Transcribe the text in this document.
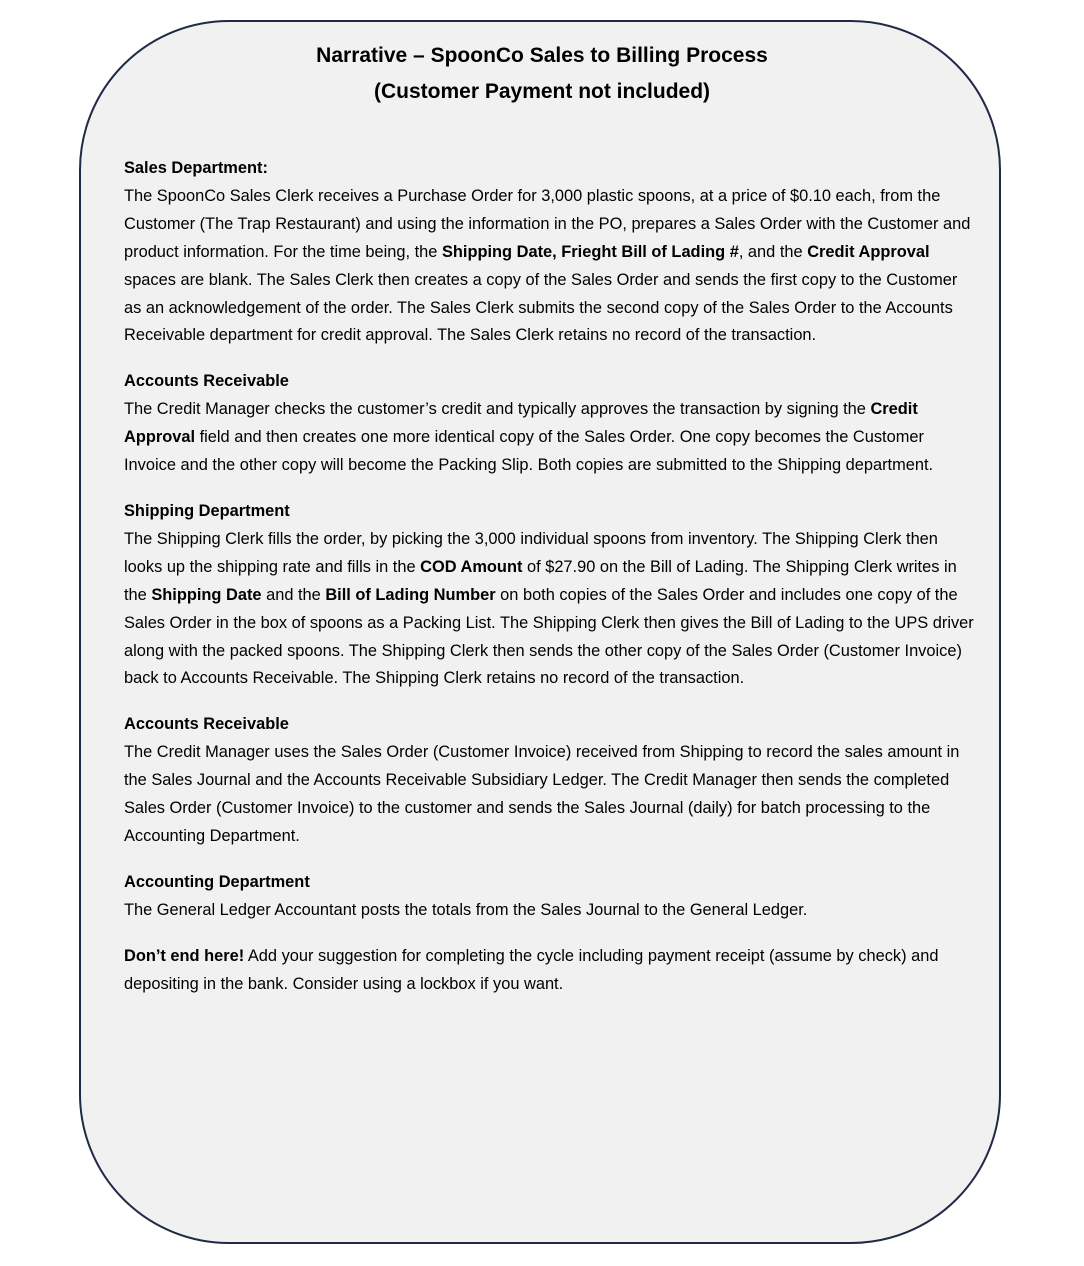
Narrative – SpoonCo Sales to Billing Process
(Customer Payment not included)
Sales Department:
The SpoonCo Sales Clerk receives a Purchase Order for 3,000 plastic spoons, at a price of $0.10 each, from the Customer (The Trap Restaurant) and using the information in the PO, prepares a Sales Order with the Customer and product information. For the time being, the Shipping Date, Frieght Bill of Lading #, and the Credit Approval spaces are blank. The Sales Clerk then creates a copy of the Sales Order and sends the first copy to the Customer as an acknowledgement of the order. The Sales Clerk submits the second copy of the Sales Order to the Accounts Receivable department for credit approval. The Sales Clerk retains no record of the transaction.
Accounts Receivable
The Credit Manager checks the customer’s credit and typically approves the transaction by signing the Credit Approval field and then creates one more identical copy of the Sales Order. One copy becomes the Customer Invoice and the other copy will become the Packing Slip. Both copies are submitted to the Shipping department.
Shipping Department
The Shipping Clerk fills the order, by picking the 3,000 individual spoons from inventory. The Shipping Clerk then looks up the shipping rate and fills in the COD Amount of $27.90 on the Bill of Lading. The Shipping Clerk writes in the Shipping Date and the Bill of Lading Number on both copies of the Sales Order and includes one copy of the Sales Order in the box of spoons as a Packing List. The Shipping Clerk then gives the Bill of Lading to the UPS driver along with the packed spoons. The Shipping Clerk then sends the other copy of the Sales Order (Customer Invoice) back to Accounts Receivable. The Shipping Clerk retains no record of the transaction.
Accounts Receivable
The Credit Manager uses the Sales Order (Customer Invoice) received from Shipping to record the sales amount in the Sales Journal and the Accounts Receivable Subsidiary Ledger. The Credit Manager then sends the completed Sales Order (Customer Invoice) to the customer and sends the Sales Journal (daily) for batch processing to the Accounting Department.
Accounting Department
The General Ledger Accountant posts the totals from the Sales Journal to the General Ledger.
Don’t end here! Add your suggestion for completing the cycle including payment receipt (assume by check) and depositing in the bank. Consider using a lockbox if you want.
